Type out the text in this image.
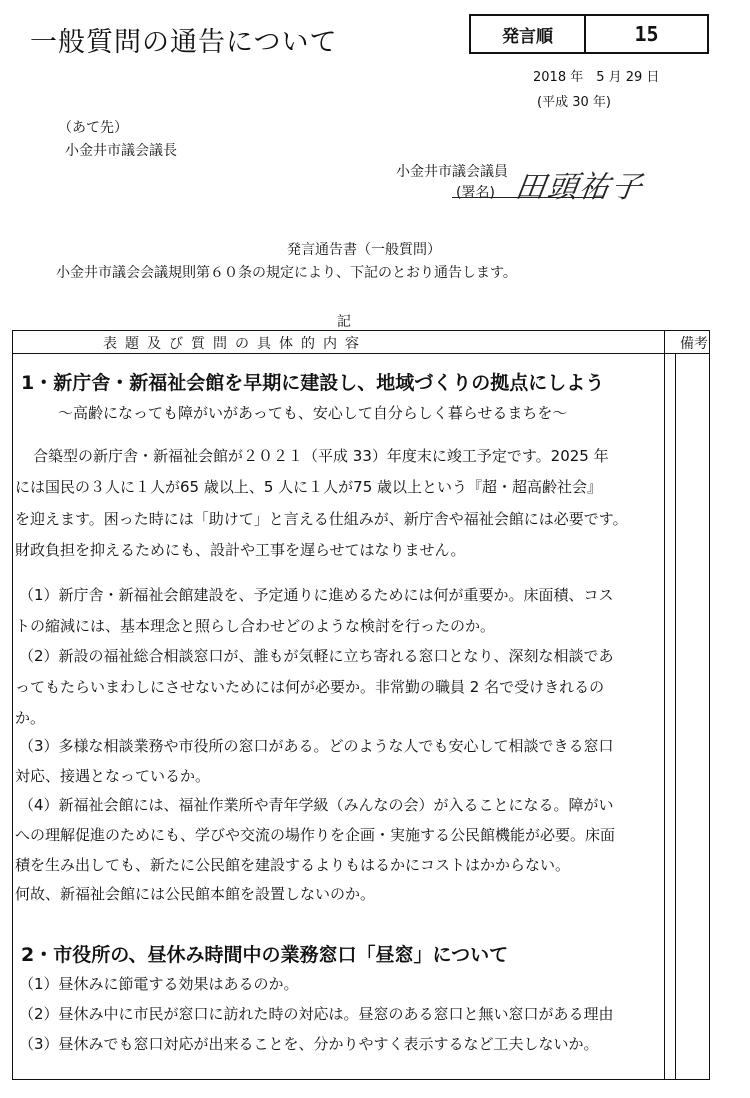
一般質問の通告について	発言順	15
2018 年　5 月 29 日
(平成 30 年)
（あて先）
小金井市議会議長
小金井市議会議員
(署名) 田頭祐子
発言通告書（一般質問）
小金井市議会会議規則第６０条の規定により、下記のとおり通告します。
記
表題及び質問の具体的内容	備考
1・新庁舎・新福祉会館を早期に建設し、地域づくりの拠点にしよう
～高齢になっても障がいがあっても、安心して自分らしく暮らせるまちを～
合築型の新庁舎・新福祉会館が２０２１（平成 33）年度末に竣工予定です。2025 年
には国民の３人に１人が65 歳以上、5 人に１人が75 歳以上という『超・超高齢社会』
を迎えます。困った時には「助けて」と言える仕組みが、新庁舎や福祉会館には必要です。
財政負担を抑えるためにも、設計や工事を遅らせてはなりません。
（1）新庁舎・新福祉会館建設を、予定通りに進めるためには何が重要か。床面積、コス
トの縮減には、基本理念と照らし合わせどのような検討を行ったのか。
（2）新設の福祉総合相談窓口が、誰もが気軽に立ち寄れる窓口となり、深刻な相談であ
ってもたらいまわしにさせないためには何が必要か。非常勤の職員 2 名で受けきれるの
か。
（3）多様な相談業務や市役所の窓口がある。どのような人でも安心して相談できる窓口
対応、接遇となっているか。
（4）新福祉会館には、福祉作業所や青年学級（みんなの会）が入ることになる。障がい
への理解促進のためにも、学びや交流の場作りを企画・実施する公民館機能が必要。床面
積を生み出しても、新たに公民館を建設するよりもはるかにコストはかからない。
何故、新福祉会館には公民館本館を設置しないのか。
2・市役所の、昼休み時間中の業務窓口「昼窓」について
（1）昼休みに節電する効果はあるのか。
（2）昼休み中に市民が窓口に訪れた時の対応は。昼窓のある窓口と無い窓口がある理由
（3）昼休みでも窓口対応が出来ることを、分かりやすく表示するなど工夫しないか。
